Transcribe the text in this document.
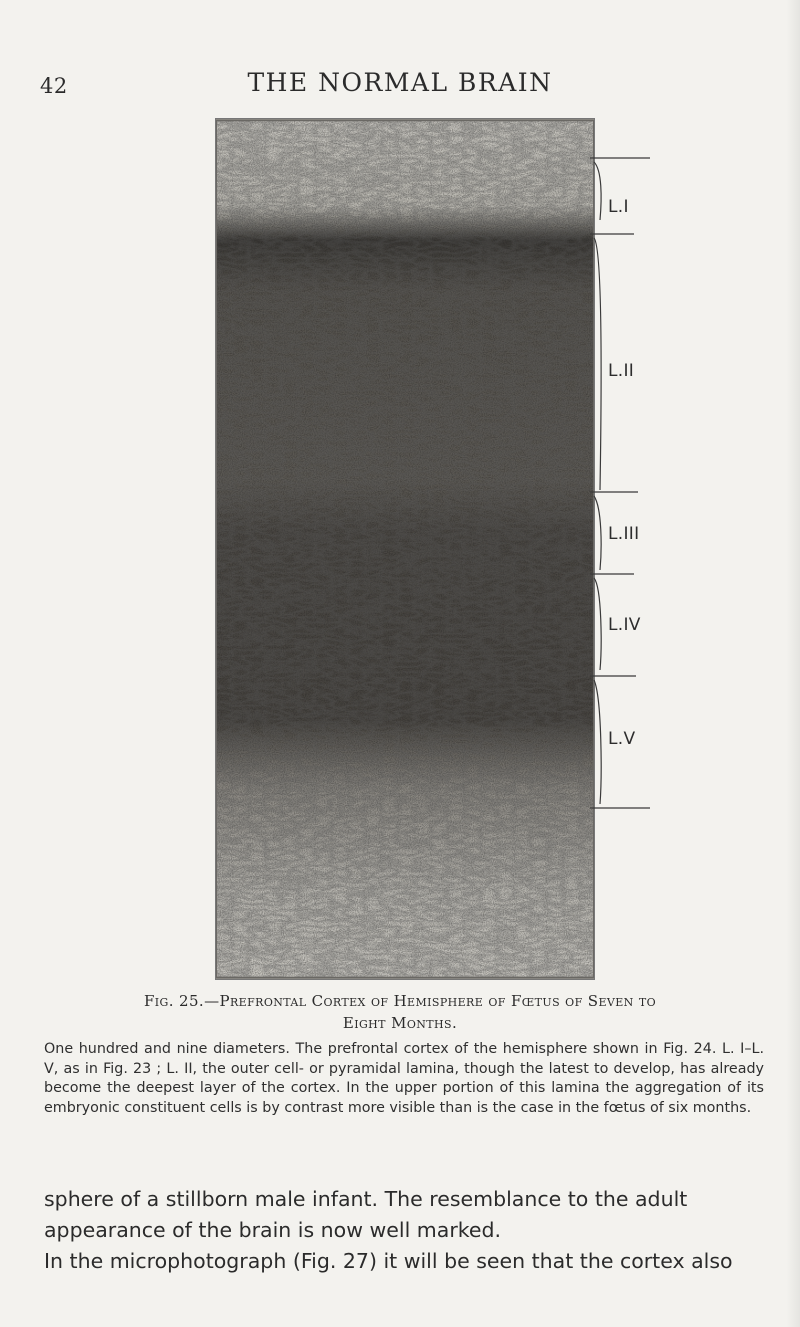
42	THE NORMAL BRAIN
L.I
L.II
L.III
L.IV
L.V
Fig. 25.—Prefrontal Cortex of Hemisphere of Fœtus of Seven to
Eight Months.

One hundred and nine diameters. The prefrontal cortex of the hemisphere shown in Fig. 24. L. I–L. V, as in Fig. 23 ; L. II, the outer cell- or pyramidal lamina, though the latest to develop, has already become the deepest layer of the cortex. In the upper portion of this lamina the aggregation of its embryonic constituent cells is by contrast more visible than is the case in the fœtus of six months.

sphere of a stillborn male infant. The resemblance to the adult appearance of the brain is now well marked.

In the microphotograph (Fig. 27) it will be seen that the cortex also
